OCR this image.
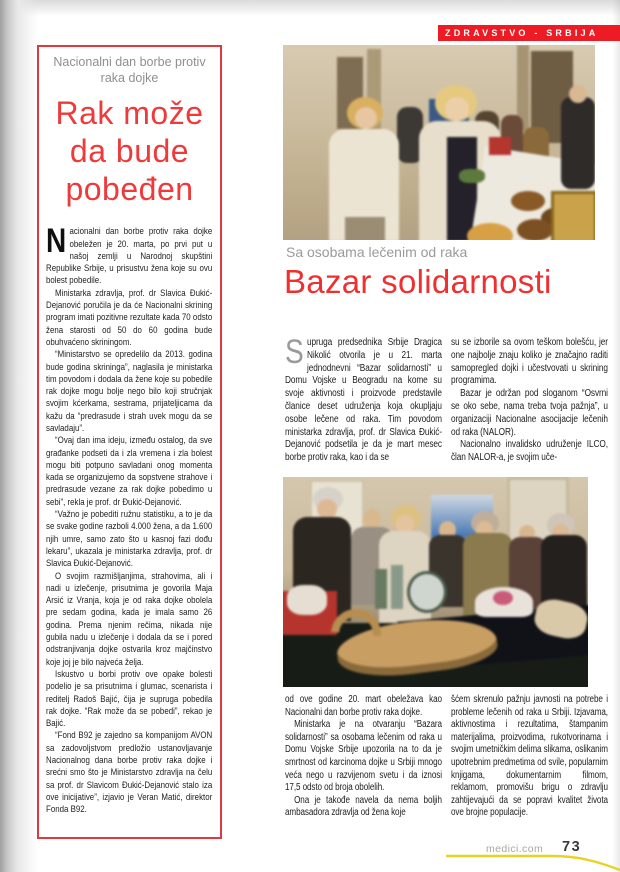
ZDRAVSTVO - SRBIJA
Nacionalni dan borbe protiv raka dojke
Rak može
da bude
pobeđen

Nacionalni dan borbe protiv raka dojke obeležen je 20. marta, po prvi put u našoj zemlji u Narodnoj skupštini Republike Srbije, u prisustvu žena koje su ovu bolest pobedile.

Ministarka zdravlja, prof. dr Slavica Đukić-Dejanović poručila je da će Nacionalni skrining program imati pozitivne rezultate kada 70 odsto žena starosti od 50 do 60 godina bude obuhvaćeno skriningom.

“Ministarstvo se opredelilo da 2013. godina bude godina skrininga”, naglasila je ministarka tim povodom i dodala da žene koje su pobedile rak dojke mogu bolje nego bilo koji stručnjak svojim kćerkama, sestrama, prijateljicama da kažu da “predrasude i strah uvek mogu da se savladaju”.

“Ovaj dan ima ideju, između ostalog, da sve građanke podseti da i zla vremena i zla bolest mogu biti potpuno savladani onog momenta kada se organizujemo da sopstvene strahove i predrasude vezane za rak dojke pobedimo u sebi”, rekla je prof. dr Đukić-Dejanović.

“Važno je pobediti ružnu statistiku, a to je da se svake godine razboli 4.000 žena, a da 1.600 njih umre, samo zato što u kasnoj fazi dođu lekaru”, ukazala je ministarka zdravlja, prof. dr Slavica Đukić-Dejanović.

O svojim razmišljanjima, strahovima, ali i nadi u izlečenje, prisutnima je govorila Maja Arsić iz Vranja, koja je od raka dojke obolela pre sedam godina, kada je imala samo 26 godina. Prema njenim rečima, nikada nije gubila nadu u izlečenje i dodala da se i pored odstranjivanja dojke ostvarila kroz majčinstvo koje joj je bilo najveća želja.

Iskustvo u borbi protiv ove opake bolesti podelio je sa prisutnima i glumac, scenarista i reditelj Radoš Bajić, čija je supruga pobedila rak dojke. “Rak može da se pobedi”, rekao je Bajić.

“Fond B92 je zajedno sa kompanijom AVON sa zadovoljstvom predložio ustanovljavanje Nacionalnog dana borbe protiv raka dojke i srećni smo što je Ministarstvo zdravlja na čelu sa prof. dr Slavicom Đukić-Dejanović stalo iza ove inicijative”, izjavio je Veran Matić, direktor Fonda B92.

Sa osobama lečenim od raka
Bazar solidarnosti

Supruga predsednika Srbije Dragica Nikolić otvorila je u 21. marta jednodnevni “Bazar solidarnosti” u Domu Vojske u Beogradu na kome su svoje aktivnosti i proizvode predstavile članice deset udruženja koja okupljaju osobe lečene od raka. Tim povodom ministarka zdravlja, prof. dr Slavica Đukić-Dejanović podsetila je da je mart mesec borbe protiv raka, kao i da se

su se izborile sa ovom teškom bolešću, jer one najbolje znaju koliko je značajno raditi samopregled dojki i učestvovati u skrining programima.

Bazar je održan pod sloganom “Osvrni se oko sebe, nama treba tvoja pažnja”, u organizaciji Nacionalne asocijacije lečenih od raka (NALOR).

Nacionalno invalidsko udruženje ILCO, član NALOR-a, je svojim uče-

od ove godine 20. mart obeležava kao Nacionalni dan borbe protiv raka dojke.

Ministarka je na otvaranju “Bazara solidarnosti” sa osobama lečenim od raka u Domu Vojske Srbije upozorila na to da je smrtnost od karcinoma dojke u Srbiji mnogo veća nego u razvijenom svetu i da iznosi 17,5 odsto od broja obolelih.

Ona je takođe navela da nema boljih ambasadora zdravlja od žena koje

šćem skrenulo pažnju javnosti na potrebe i probleme lečenih od raka u Srbiji. Izjavama, aktivnostima i rezultatima, štampanim materijalima, proizvodima, rukotvorinama i svojim umetničkim delima slikama, oslikanim upotrebnim predmetima od svile, popularnim knjigama, dokumentarnim filmom, reklamom, promovišu brigu o zdravlju zahtijevajući da se popravi kvalitet života ove brojne populacije.

medici.com 73
